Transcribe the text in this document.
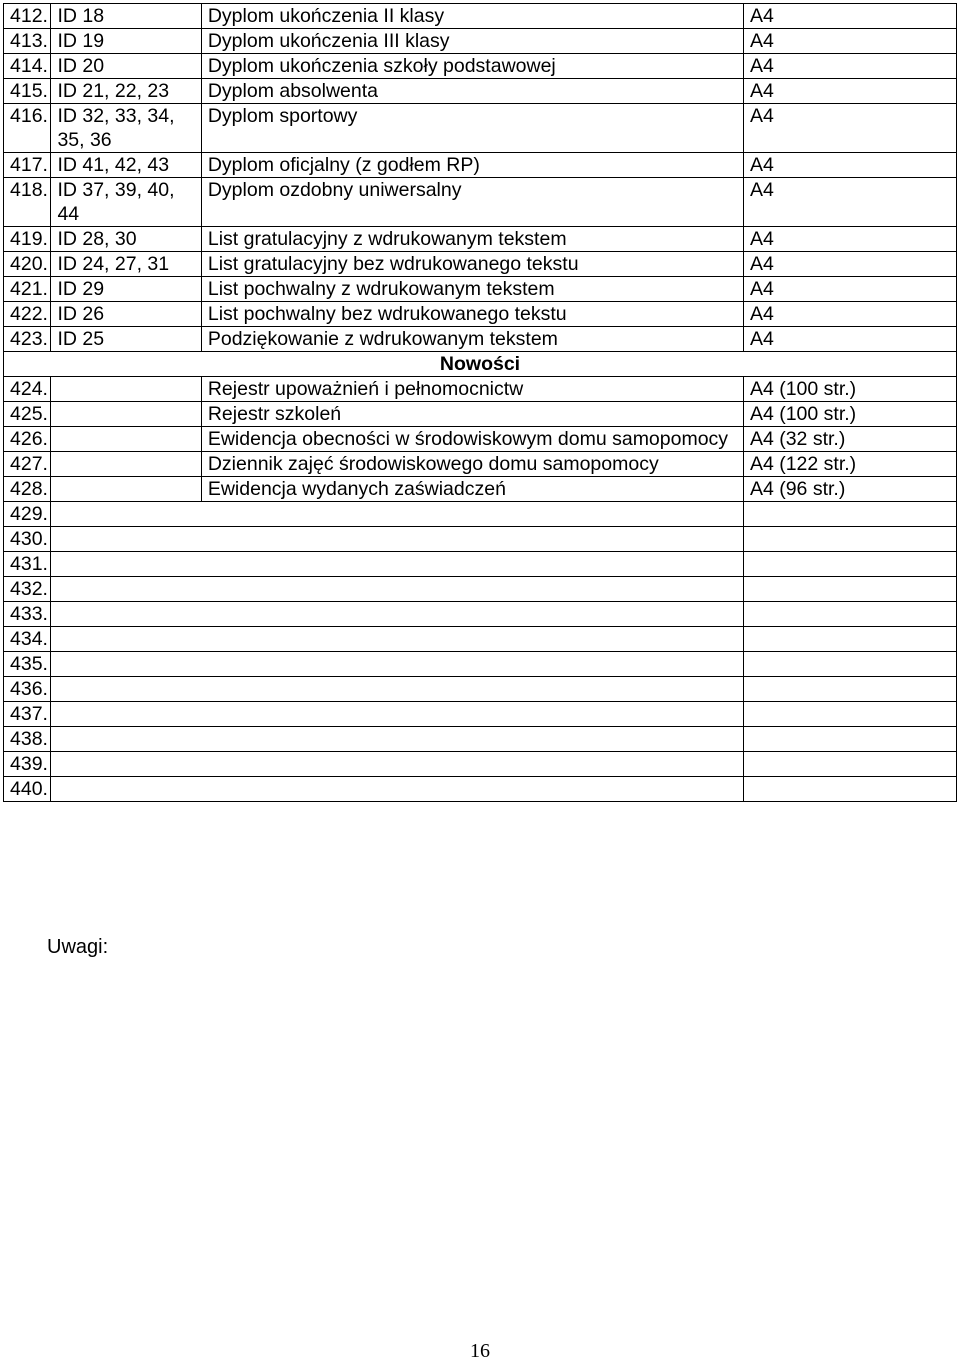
412.	ID 18	Dyplom ukończenia II klasy	A4
413.	ID 19	Dyplom ukończenia III klasy	A4
414.	ID 20	Dyplom ukończenia szkoły podstawowej	A4
415.	ID 21, 22, 23	Dyplom absolwenta	A4
416.	ID 32, 33, 34, 35, 36	Dyplom sportowy	A4
417.	ID 41, 42, 43	Dyplom oficjalny (z godłem RP)	A4
418.	ID 37, 39, 40, 44	Dyplom ozdobny uniwersalny	A4
419.	ID 28, 30	List gratulacyjny z wdrukowanym tekstem	A4
420.	ID 24, 27, 31	List gratulacyjny bez wdrukowanego tekstu	A4
421.	ID 29	List pochwalny z wdrukowanym tekstem	A4
422.	ID 26	List pochwalny bez wdrukowanego tekstu	A4
423.	ID 25	Podziękowanie z wdrukowanym tekstem	A4
Nowości			
424.		Rejestr upoważnień i pełnomocnictw	A4 (100 str.)
425.		Rejestr szkoleń	A4 (100 str.)
426.		Ewidencja obecności w środowiskowym domu samopomocy	A4 (32 str.)
427.		Dziennik zajęć środowiskowego domu samopomocy	A4 (122 str.)
428.		Ewidencja wydanych zaświadczeń	A4 (96 str.)
429.			
430.			
431.			
432.			
433.			
434.			
435.			
436.			
437.			
438.			
439.			
440.			
Uwagi:
16
